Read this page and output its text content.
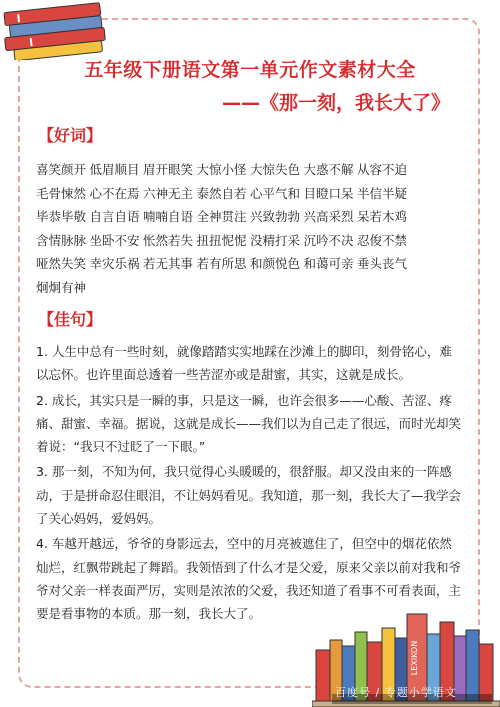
五年级下册语文第一单元作文素材大全
——《那一刻，我长大了》
【好词】
喜笑颜开 低眉顺目 眉开眼笑 大惊小怪 大惊失色 大惑不解 从容不迫
毛骨悚然 心不在焉 六神无主 泰然自若 心平气和 目瞪口呆 半信半疑
毕恭毕敬 自言自语 喃喃自语 全神贯注 兴致勃勃 兴高采烈 呆若木鸡
含情脉脉 坐卧不安 怅然若失 扭扭怩怩 没精打采 沉吟不决 忍俊不禁
哑然失笑 幸灾乐祸 若无其事 若有所思 和颜悦色 和蔼可亲 垂头丧气
炯炯有神
【佳句】

1. 人生中总有一些时刻，就像踏踏实实地踩在沙滩上的脚印，刻骨铭心，难以忘怀。也许里面总透着一些苦涩亦或是甜蜜，其实，这就是成长。

2. 成长，其实只是一瞬的事，只是这一瞬，也许会很多——心酸、苦涩、疼痛、甜蜜、幸福。据说，这就是成长——我们以为自己走了很远，而时光却笑着说：“我只不过眨了一下眼。”

3. 那一刻，不知为何，我只觉得心头暖暖的，很舒服。却又没由来的一阵感动，于是拼命忍住眼泪，不让妈妈看见。我知道，那一刻，我长大了—我学会了关心妈妈，爱妈妈。

4. 车越开越远，爷爷的身影远去，空中的月亮被遮住了，但空中的烟花依然灿烂，红飘带跳起了舞蹈。我领悟到了什么才是父爱，原来父亲以前对我和爷爷对父亲一样表面严厉，实则是浓浓的父爱，我还知道了看事不可看表面，主要是看事物的本质。那一刻，我长大了。

LEXIKON
百度号 / 专题小学语文
